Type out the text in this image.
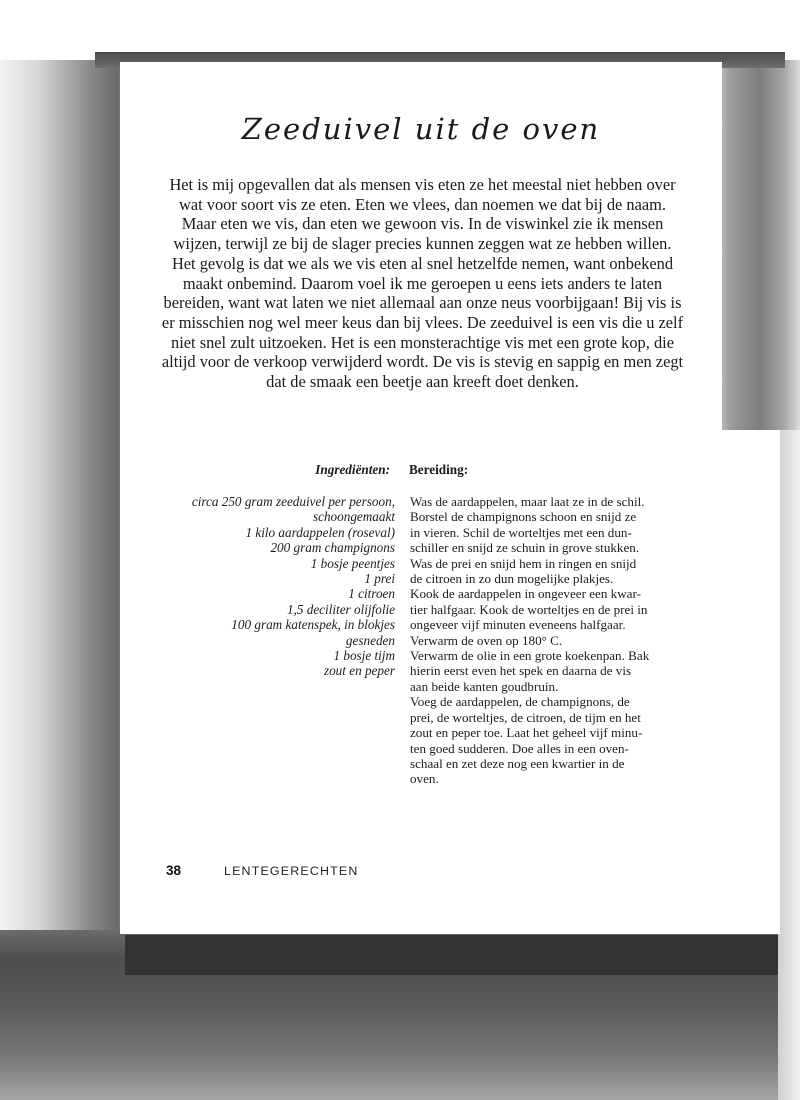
Zeeduivel uit de oven

Het is mij opgevallen dat als mensen vis eten ze het meestal niet hebben over wat voor soort vis ze eten. Eten we vlees, dan noemen we dat bij de naam. Maar eten we vis, dan eten we gewoon vis. In de viswinkel zie ik mensen wijzen, terwijl ze bij de slager precies kunnen zeggen wat ze hebben willen.

Het gevolg is dat we als we vis eten al snel hetzelfde nemen, want onbekend maakt onbemind. Daarom voel ik me geroepen u eens iets anders te laten bereiden, want wat laten we niet allemaal aan onze neus voorbijgaan! Bij vis is er misschien nog wel meer keus dan bij vlees. De zeeduivel is een vis die u zelf niet snel zult uitzoeken. Het is een monsterachtige vis met een grote kop, die altijd voor de verkoop verwijderd wordt. De vis is stevig en sappig en men zegt dat de smaak een beetje aan kreeft doet denken.

Ingrediënten: Bereiding:
circa 250 gram zeeduivel per persoon, schoongemaakt
1 kilo aardappelen (roseval)
200 gram champignons
1 bosje peentjes
1 prei
1 citroen
1,5 deciliter olijfolie
100 gram katenspek, in blokjes gesneden
1 bosje tijm
zout en peper
Was de aardappelen, maar laat ze in de schil.
Borstel de champignons schoon en snijd ze
in vieren. Schil de worteltjes met een dun-
schiller en snijd ze schuin in grove stukken.
Was de prei en snijd hem in ringen en snijd
de citroen in zo dun mogelijke plakjes.
Kook de aardappelen in ongeveer een kwar-
tier halfgaar. Kook de worteltjes en de prei in
ongeveer vijf minuten eveneens halfgaar.
Verwarm de oven op 180° C.
Verwarm de olie in een grote koekenpan. Bak
hierin eerst even het spek en daarna de vis
aan beide kanten goudbruin.
Voeg de aardappelen, de champignons, de
prei, de worteltjes, de citroen, de tijm en het
zout en peper toe. Laat het geheel vijf minu-
ten goed sudderen. Doe alles in een oven-
schaal en zet deze nog een kwartier in de
oven.
38	LENTEGERECHTEN
